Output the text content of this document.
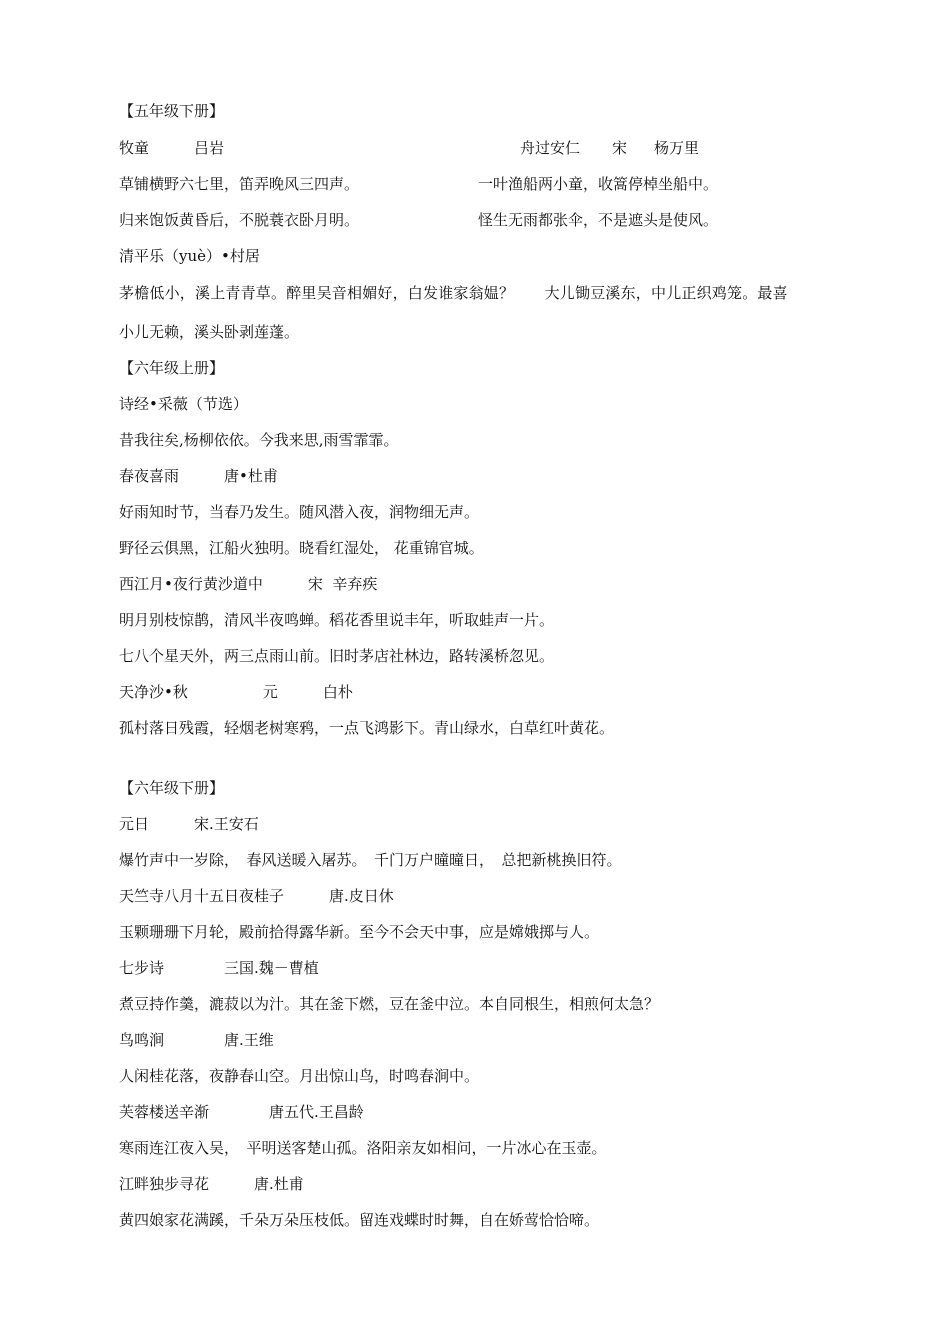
【五年级下册】
牧童	吕岩	舟过安仁 宋 杨万里
草铺横野六七里，笛弄晚风三四声。	一叶渔船两小童，收篙停棹坐船中。
归来饱饭黄昏后，不脱蓑衣卧月明。	怪生无雨都张伞，不是遮头是使风。
清平乐（yuè）•村居
茅檐低小，溪上青青草。醉里吴音相媚好，白发谁家翁媪？　　大儿锄豆溪东，中儿正织鸡笼。最喜
小儿无赖，溪头卧剥莲蓬。
【六年级上册】
诗经•采薇（节选）
昔我往矣,杨柳依依。今我来思,雨雪霏霏。
春夜喜雨　　　唐•杜甫
好雨知时节，当春乃发生。随风潜入夜，润物细无声。
野径云俱黑，江船火独明。晓看红湿处， 花重锦官城。
西江月•夜行黄沙道中　　　宋  辛弃疾
明月别枝惊鹊，清风半夜鸣蝉。稻花香里说丰年，听取蛙声一片。
七八个星天外，两三点雨山前。旧时茅店社林边，路转溪桥忽见。
天净沙•秋　　　　　元　　　白朴
孤村落日残霞，轻烟老树寒鸦，一点飞鸿影下。青山绿水，白草红叶黄花。
【六年级下册】
元日　　　宋.王安石
爆竹声中一岁除，　春风送暖入屠苏。　千门万户曈曈日，　总把新桃换旧符。
天竺寺八月十五日夜桂子　　　唐.皮日休
玉颗珊珊下月轮，殿前拾得露华新。至今不会天中事，应是嫦娥掷与人。
七步诗　　　　三国.魏－曹植
煮豆持作羹，漉菽以为汁。其在釜下燃，豆在釜中泣。本自同根生，相煎何太急？
鸟鸣涧　　　　唐.王维
人闲桂花落，夜静春山空。月出惊山鸟，时鸣春涧中。
芙蓉楼送辛渐　　　　唐五代.王昌龄
寒雨连江夜入吴，　平明送客楚山孤。洛阳亲友如相问，一片冰心在玉壶。
江畔独步寻花　　　唐.杜甫
黄四娘家花满蹊，千朵万朵压枝低。留连戏蝶时时舞，自在娇莺恰恰啼。
